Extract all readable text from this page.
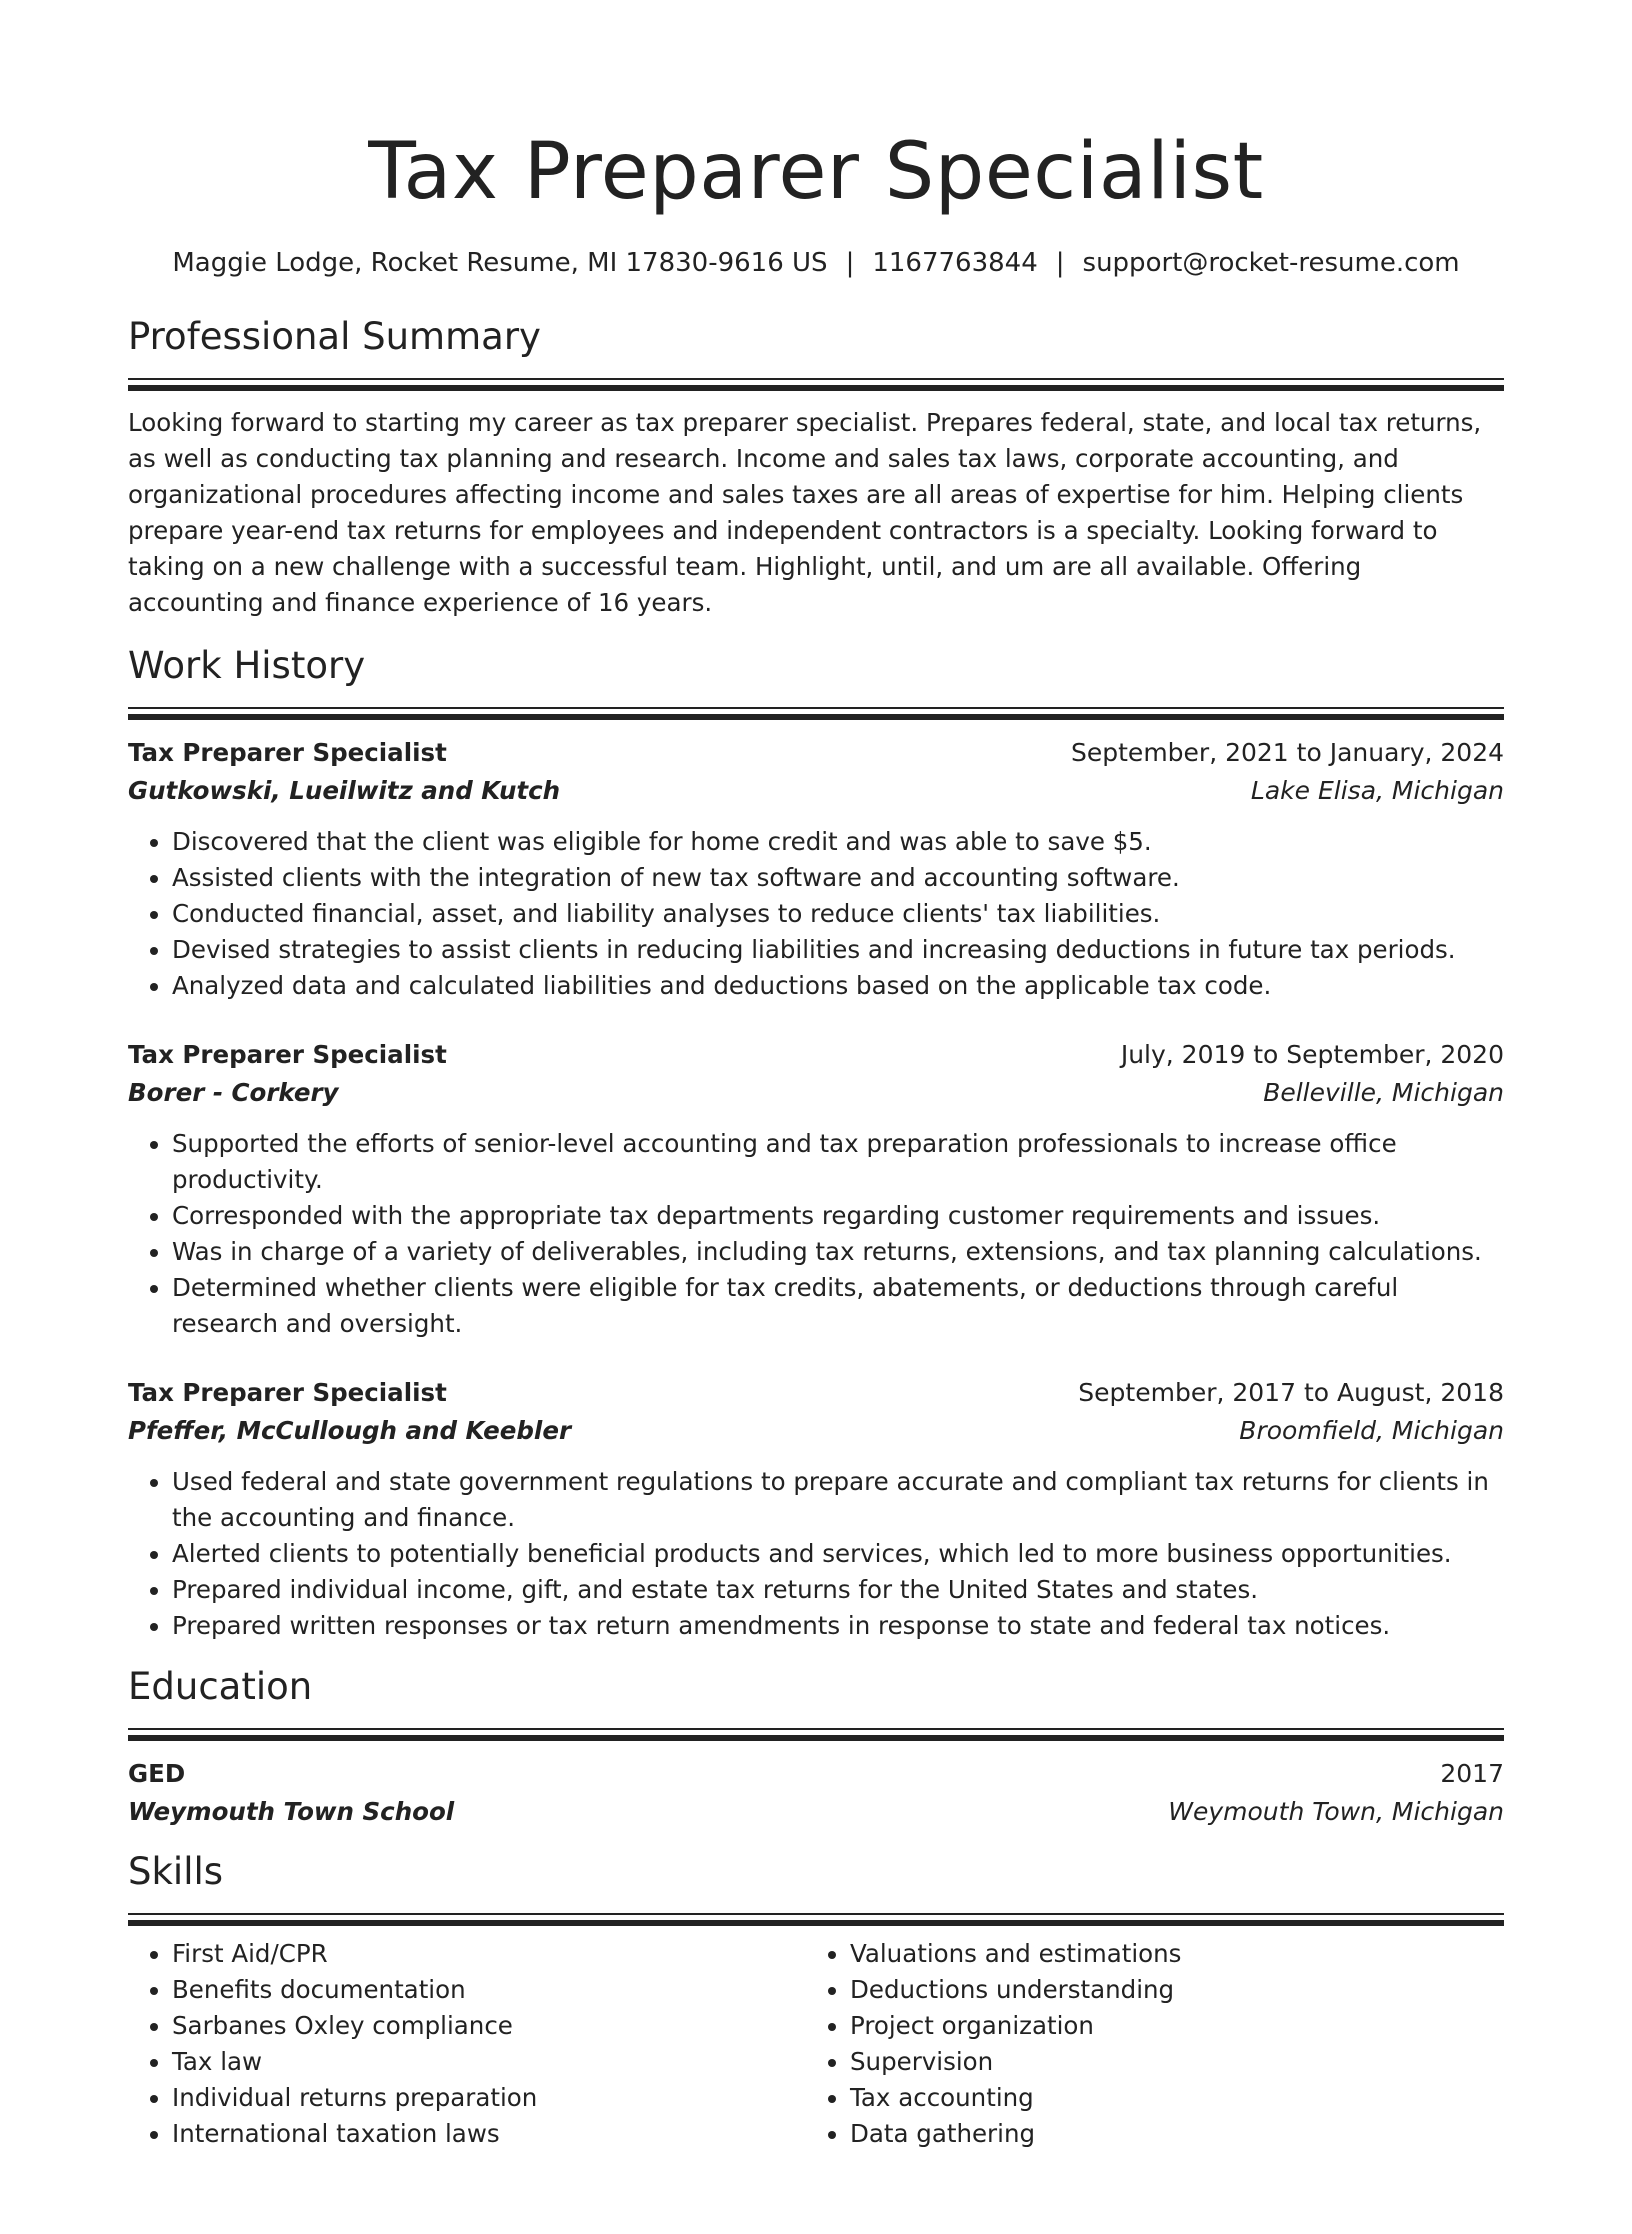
Tax Preparer Specialist
Maggie Lodge, Rocket Resume, MI 17830-9616 US | 1167763844 | support@rocket-resume.com
Professional Summary

Looking forward to starting my career as tax preparer specialist. Prepares federal, state, and local tax returns, as well as conducting tax planning and research. Income and sales tax laws, corporate accounting, and organizational procedures affecting income and sales taxes are all areas of expertise for him. Helping clients prepare year-end tax returns for employees and independent contractors is a specialty. Looking forward to taking on a new challenge with a successful team. Highlight, until, and um are all available. Offering accounting and finance experience of 16 years.

Work History
Tax Preparer Specialist	September, 2021 to January, 2024
Gutkowski, Lueilwitz and Kutch	Lake Elisa, Michigan
• Discovered that the client was eligible for home credit and was able to save $5.
• Assisted clients with the integration of new tax software and accounting software.
• Conducted financial, asset, and liability analyses to reduce clients' tax liabilities.
• Devised strategies to assist clients in reducing liabilities and increasing deductions in future tax periods.
• Analyzed data and calculated liabilities and deductions based on the applicable tax code.
Tax Preparer Specialist	July, 2019 to September, 2020
Borer - Corkery	Belleville, Michigan
• Supported the efforts of senior-level accounting and tax preparation professionals to increase office productivity.
• Corresponded with the appropriate tax departments regarding customer requirements and issues.
• Was in charge of a variety of deliverables, including tax returns, extensions, and tax planning calculations.
• Determined whether clients were eligible for tax credits, abatements, or deductions through careful research and oversight.
Tax Preparer Specialist	September, 2017 to August, 2018
Pfeffer, McCullough and Keebler	Broomfield, Michigan
• Used federal and state government regulations to prepare accurate and compliant tax returns for clients in the accounting and finance.
• Alerted clients to potentially beneficial products and services, which led to more business opportunities.
• Prepared individual income, gift, and estate tax returns for the United States and states.
• Prepared written responses or tax return amendments in response to state and federal tax notices.
Education
GED	2017
Weymouth Town School	Weymouth Town, Michigan
Skills
• First Aid/CPR
• Benefits documentation
• Sarbanes Oxley compliance
• Tax law
• Individual returns preparation
• International taxation laws
• Valuations and estimations
• Deductions understanding
• Project organization
• Supervision
• Tax accounting
• Data gathering
